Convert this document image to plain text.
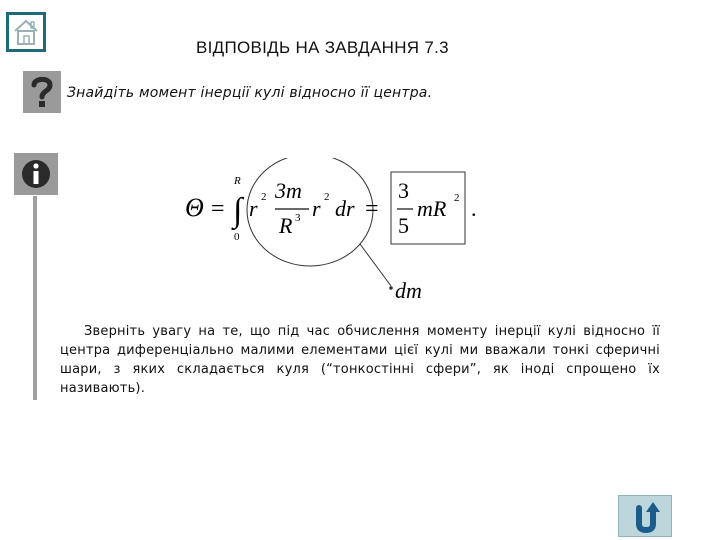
ВІДПОВІДЬ НА ЗАВДАННЯ 7.3
Знайдіть момент інерції кулі відносно її центра.
Θ = ∫
R
0
r 2 3m
R 3 r 2 dr =
3
5
mR 2 .
dm
Зверніть увагу на те, що під час обчислення моменту інерції кулі відносно її центра диференціально малими елементами цієї кулі ми вважали тонкі сферичні шари, з яких складається куля (“тонкостінні сфери”, як іноді спрощено їх називають).
